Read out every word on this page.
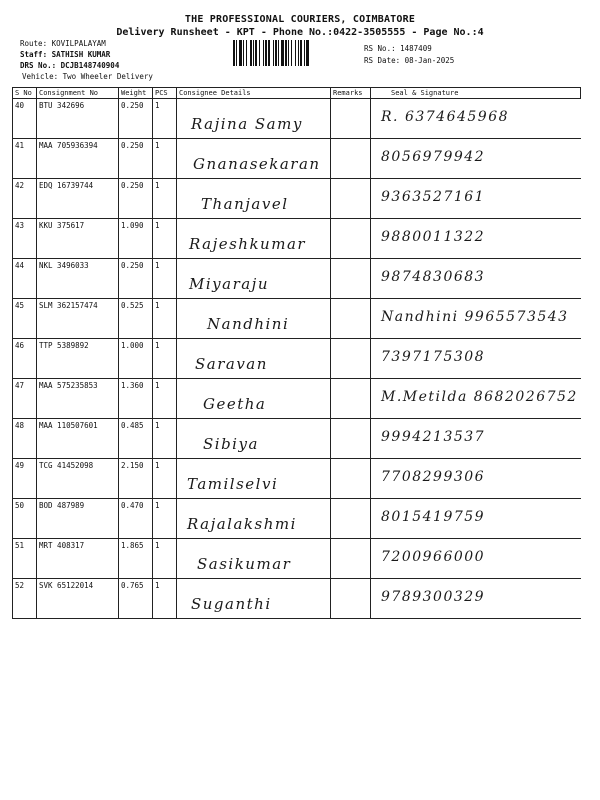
THE PROFESSIONAL COURIERS, COIMBATORE
Delivery Runsheet - KPT - Phone No.:0422-3505555 - Page No.:4
Route: KOVILPALAYAM
Staff: SATHISH KUMAR
DRS No.: DCJB148740904
Vehicle: Two Wheeler Delivery
RS No.: 1487409
RS Date: 08-Jan-2025
S No	Consignment No	Weight	PCS	Consignee Details	Remarks	Seal & Signature
40	BTU 342696	0.250	1	Rajina Samy		R. 6374645968

41	MAA 705936394	0.250	1	Gnanasekaran		8056979942

42	EDQ 16739744	0.250	1	Thanjavel		9363527161

43	KKU 375617	1.090	1	Rajeshkumar		9880011322

44	NKL 3496033	0.250	1	Miyaraju		9874830683

45	SLM 362157474	0.525	1	Nandhini		Nandhini 9965573543

46	TTP 5389892	1.000	1	Saravan		7397175308

47	MAA 575235853	1.360	1	Geetha		M.Metilda 8682026752

48	MAA 110507601	0.485	1	Sibiya		9994213537

49	TCG 41452098	2.150	1	Tamilselvi		7708299306

50	BOD 487989	0.470	1	Rajalakshmi		8015419759

51	MRT 408317	1.865	1	Sasikumar		7200966000

52	SVK 65122014	0.765	1	Suganthi		9789300329
